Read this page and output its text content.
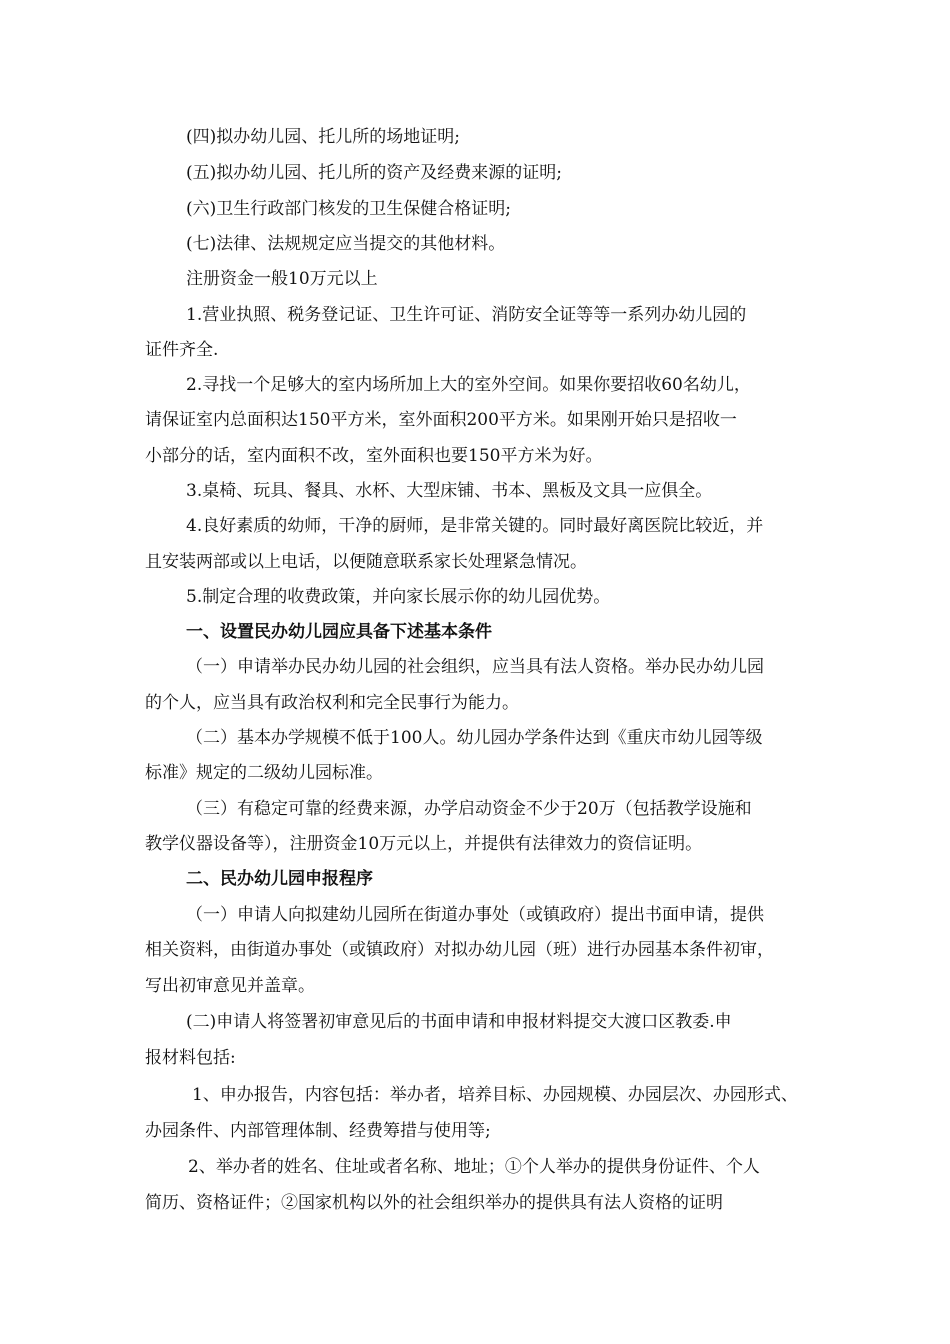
(四)拟办幼儿园、托儿所的场地证明;
(五)拟办幼儿园、托儿所的资产及经费来源的证明;
(六)卫生行政部门核发的卫生保健合格证明;
(七)法律、法规规定应当提交的其他材料。
注册资金一般10万元以上
1.营业执照、税务登记证、卫生许可证、消防安全证等等一系列办幼儿园的
证件齐全.
2.寻找一个足够大的室内场所加上大的室外空间。如果你要招收60名幼儿，
请保证室内总面积达150平方米，室外面积200平方米。如果刚开始只是招收一
小部分的话，室内面积不改，室外面积也要150平方米为好。
3.桌椅、玩具、餐具、水杯、大型床铺、书本、黑板及文具一应俱全。
4.良好素质的幼师，干净的厨师，是非常关键的。同时最好离医院比较近，并
且安装两部或以上电话，以便随意联系家长处理紧急情况。
5.制定合理的收费政策，并向家长展示你的幼儿园优势。
一、设置民办幼儿园应具备下述基本条件
（一）申请举办民办幼儿园的社会组织，应当具有法人资格。举办民办幼儿园
的个人，应当具有政治权利和完全民事行为能力。
（二）基本办学规模不低于100人。幼儿园办学条件达到《重庆市幼儿园等级
标准》规定的二级幼儿园标准。
（三）有稳定可靠的经费来源，办学启动资金不少于20万（包括教学设施和
教学仪器设备等），注册资金10万元以上，并提供有法律效力的资信证明。
二、民办幼儿园申报程序
（一）申请人向拟建幼儿园所在街道办事处（或镇政府）提出书面申请，提供
相关资料，由街道办事处（或镇政府）对拟办幼儿园（班）进行办园基本条件初审，
写出初审意见并盖章。
(二)申请人将签署初审意见后的书面申请和申报材料提交大渡口区教委.申
报材料包括:
1、申办报告，内容包括：举办者，培养目标、办园规模、办园层次、办园形式、
办园条件、内部管理体制、经费筹措与使用等;
2、举办者的姓名、住址或者名称、地址；①个人举办的提供身份证件、个人
简历、资格证件；②国家机构以外的社会组织举办的提供具有法人资格的证明
